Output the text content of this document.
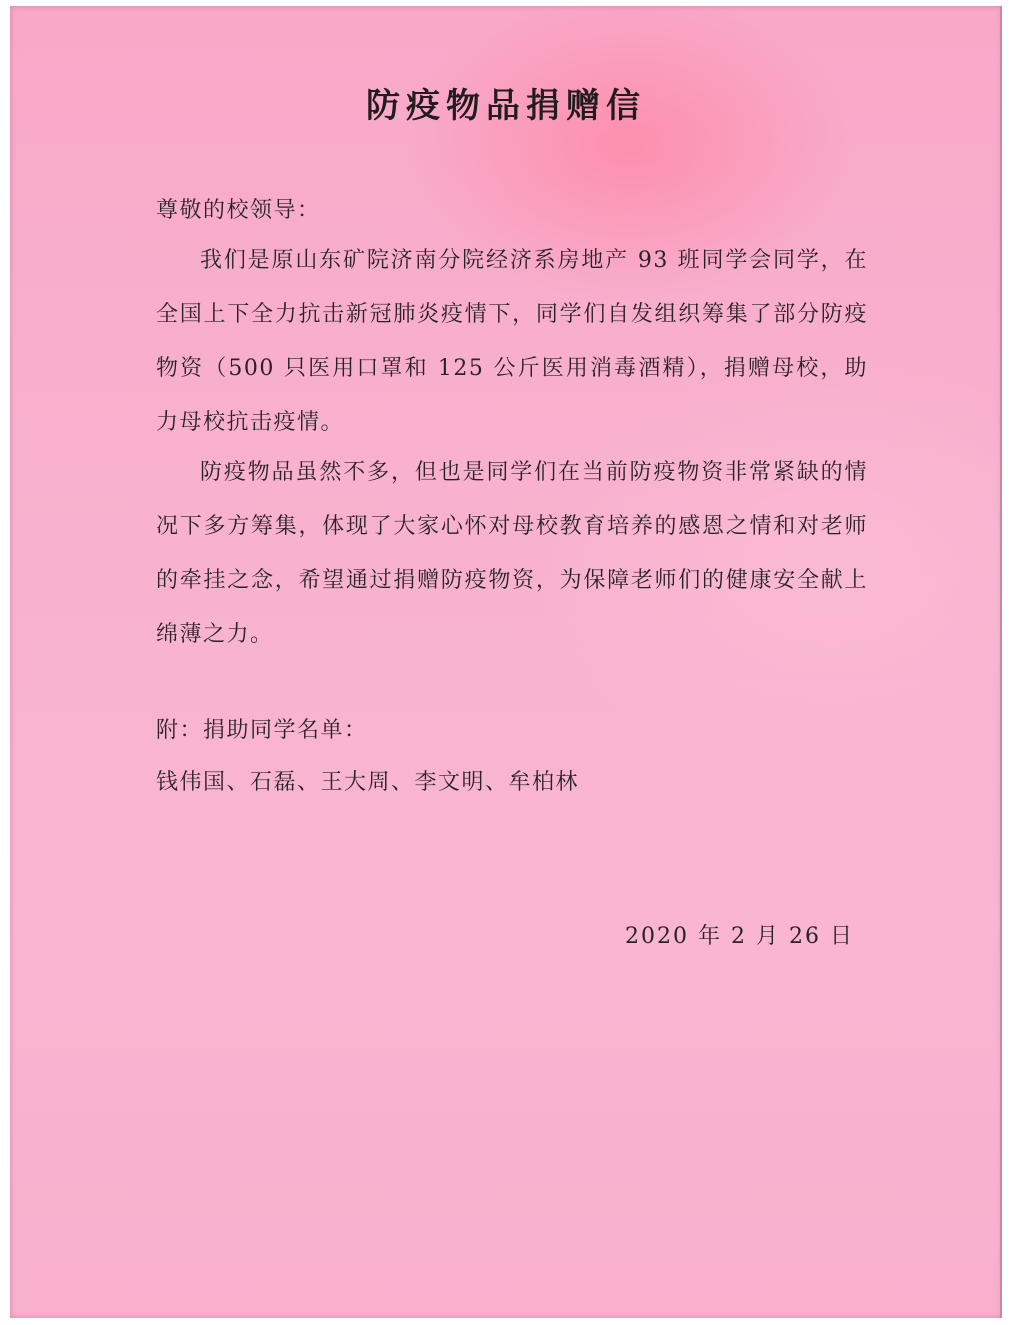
防疫物品捐赠信
尊敬的校领导：

我们是原山东矿院济南分院经济系房地产 93 班同学会同学，在全国上下全力抗击新冠肺炎疫情下，同学们自发组织筹集了部分防疫物资（500 只医用口罩和 125 公斤医用消毒酒精），捐赠母校，助力母校抗击疫情。

防疫物品虽然不多，但也是同学们在当前防疫物资非常紧缺的情况下多方筹集，体现了大家心怀对母校教育培养的感恩之情和对老师的牵挂之念，希望通过捐赠防疫物资，为保障老师们的健康安全献上绵薄之力。

附：捐助同学名单：
钱伟国、石磊、王大周、李文明、牟柏林
2020 年 2 月 26 日
